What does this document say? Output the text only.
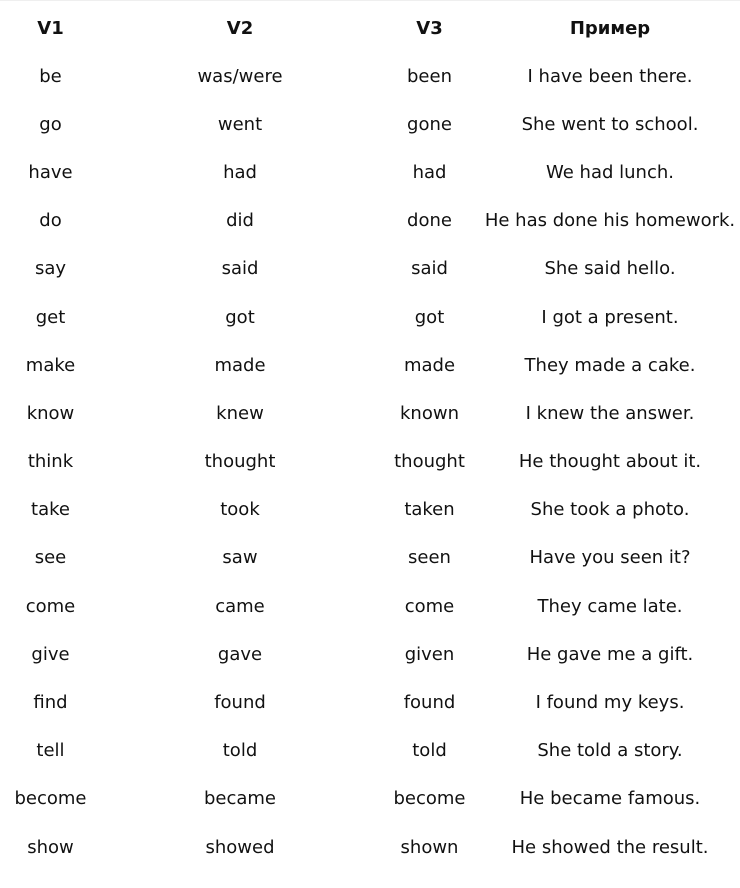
V1	V2	V3	Пример
be	was/were	been	I have been there.
go	went	gone	She went to school.
have	had	had	We had lunch.
do	did	done	He has done his homework.
say	said	said	She said hello.
get	got	got	I got a present.
make	made	made	They made a cake.
know	knew	known	I knew the answer.
think	thought	thought	He thought about it.
take	took	taken	She took a photo.
see	saw	seen	Have you seen it?
come	came	come	They came late.
give	gave	given	He gave me a gift.
find	found	found	I found my keys.
tell	told	told	She told a story.
become	became	become	He became famous.
show	showed	shown	He showed the result.
